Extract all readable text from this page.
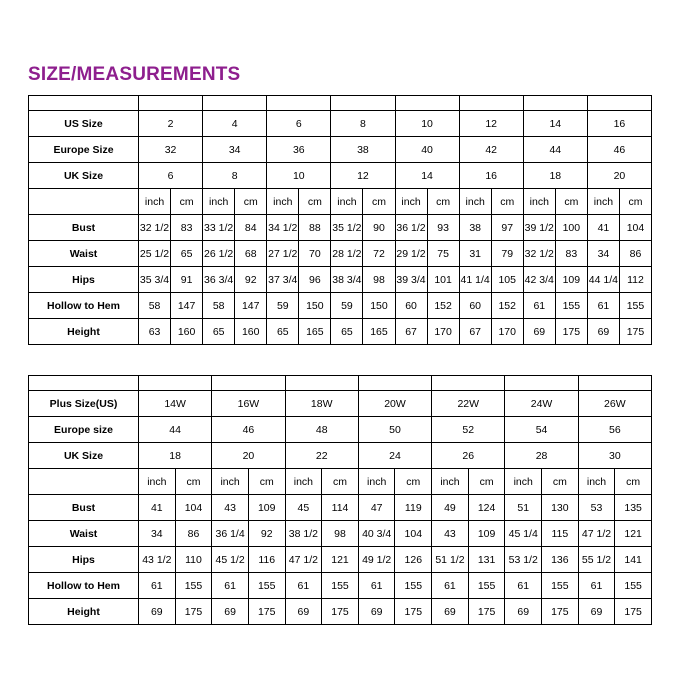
SIZE/MEASUREMENTS

US Size	2		4		6		8		10		12		14		16	
Europe Size	32		34		36		38		40		42		44		46	
UK Size	6		8		10		12		14		16		18		20	
	inch	cm	inch	cm	inch	cm	inch	cm	inch	cm	inch	cm	inch	cm	inch	cm
Bust	32 1/2	83	33 1/2	84	34 1/2	88	35 1/2	90	36 1/2	93	38	97	39 1/2	100	41	104
Waist	25 1/2	65	26 1/2	68	27 1/2	70	28 1/2	72	29 1/2	75	31	79	32 1/2	83	34	86
Hips	35 3/4	91	36 3/4	92	37 3/4	96	38 3/4	98	39 3/4	101	41 1/4	105	42 3/4	109	44 1/4	112
Hollow to Hem	58	147	58	147	59	150	59	150	60	152	60	152	61	155	61	155
Height	63	160	65	160	65	165	65	165	67	170	67	170	69	175	69	175

Plus Size(US)	14W		16W		18W		20W		22W		24W		26W	
Europe size	44		46		48		50		52		54		56	
UK Size	18		20		22		24		26		28		30	
	inch	cm	inch	cm	inch	cm	inch	cm	inch	cm	inch	cm	inch	cm
Bust	41	104	43	109	45	114	47	119	49	124	51	130	53	135
Waist	34	86	36 1/4	92	38 1/2	98	40 3/4	104	43	109	45 1/4	115	47 1/2	121
Hips	43 1/2	110	45 1/2	116	47 1/2	121	49 1/2	126	51 1/2	131	53 1/2	136	55 1/2	141
Hollow to Hem	61	155	61	155	61	155	61	155	61	155	61	155	61	155
Height	69	175	69	175	69	175	69	175	69	175	69	175	69	175
